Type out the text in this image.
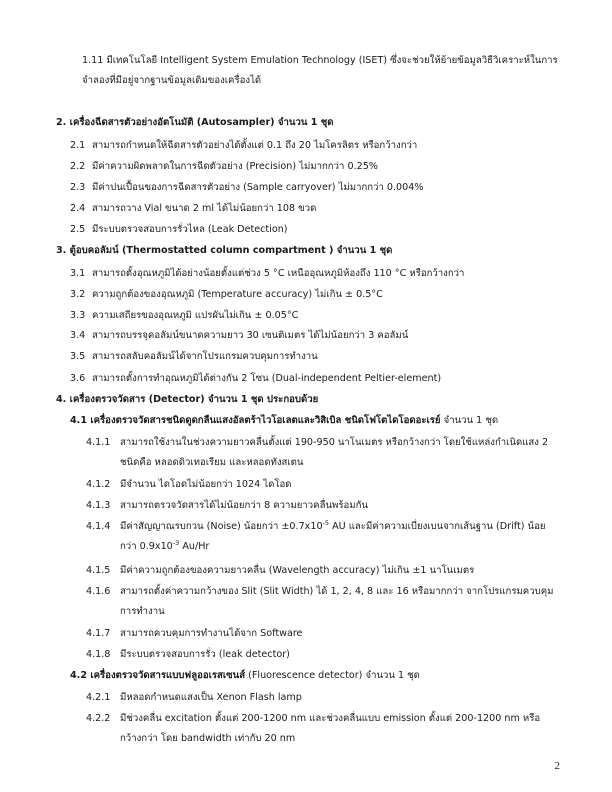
1.11 มีเทคโนโลยี Intelligent System Emulation Technology (ISET) ซึ่งจะช่วยให้ย้ายข้อมูลวิธีวิเคราะห์ในการ
จำลองที่มีอยู่จากฐานข้อมูลเดิมของเครื่องได้
2. เครื่องฉีดสารตัวอย่างอัตโนมัติ (Autosampler) จำนวน 1 ชุด
2.1 สามารถกำหนดให้ฉีดสารตัวอย่างได้ตั้งแต่ 0.1 ถึง 20 ไมโครลิตร หรือกว้างกว่า
2.2 มีค่าความผิดพลาดในการฉีดตัวอย่าง (Precision) ไม่มากกว่า 0.25%
2.3 มีค่าปนเปื้อนของการฉีดสารตัวอย่าง (Sample carryover) ไม่มากกว่า 0.004%
2.4 สามารถวาง Vial ขนาด 2 ml ได้ไม่น้อยกว่า 108 ขวด
2.5 มีระบบตรวจสอบการรั่วไหล (Leak Detection)
3. ตู้อบคอลัมน์ (Thermostatted column compartment ) จำนวน 1 ชุด
3.1 สามารถตั้งอุณหภูมิได้อย่างน้อยตั้งแต่ช่วง 5 °C เหนืออุณหภูมิห้องถึง 110 °C หรือกว้างกว่า
3.2 ความถูกต้องของอุณหภูมิ (Temperature accuracy) ไม่เกิน ± 0.5°C
3.3 ความเสถียรของอุณหภูมิ แปรผันไม่เกิน ± 0.05°C
3.4 สามารถบรรจุคอลัมน์ขนาดความยาว 30 เซนติเมตร ได้ไม่น้อยกว่า 3 คอลัมน์
3.5 สามารถสลับคอลัมน์ได้จากโปรแกรมควบคุมการทำงาน
3.6 สามารถตั้งการทำอุณหภูมิได้ต่างกัน 2 โซน (Dual-independent Peltier-element)
4. เครื่องตรวจวัดสาร (Detector) จำนวน 1 ชุด ประกอบด้วย
4.1 เครื่องตรวจวัดสารชนิดดูดกลืนแสงอัลตร้าไวโอเลตและวิสิเบิล ชนิดโฟโตไดโอดอะเรย์ จำนวน 1 ชุด
4.1.1 สามารถใช้งานในช่วงความยาวคลื่นตั้งแต่ 190-950 นาโนเมตร หรือกว้างกว่า โดยใช้แหล่งกำเนิดแสง 2
ชนิดคือ หลอดดิวเทอเรียม และหลอดทังสเตน
4.1.2 มีจำนวน ไดโอดไม่น้อยกว่า 1024 ไดโอด
4.1.3 สามารถตรวจวัดสารได้ไม่น้อยกว่า 8 ความยาวคลื่นพร้อมกัน
4.1.4 มีค่าสัญญาณรบกวน (Noise) น้อยกว่า $\pm 0.7x10^{-5}$ AU และมีค่าความเบี่ยงเบนจากเส้นฐาน (Drift) น้อย
กว่า $0.9x10^{-3}$ Au/Hr
4.1.5 มีค่าความถูกต้องของความยาวคลื่น (Wavelength accuracy) ไม่เกิน ±1 นาโนเมตร
4.1.6 สามารถตั้งค่าความกว้างของ Slit (Slit Width) ได้ 1, 2, 4, 8 และ 16 หรือมากกว่า จากโปรแกรมควบคุม
การทำงาน
4.1.7 สามารถควบคุมการทำงานได้จาก Software
4.1.8 มีระบบตรวจสอบการรั่ว (leak detector)
4.2 เครื่องตรวจวัดสารแบบฟลูออเรสเซนส์ (Fluorescence detector) จำนวน 1 ชุด
4.2.1 มีหลอดกำหนดแสงเป็น Xenon Flash lamp
4.2.2 มีช่วงคลื่น excitation ตั้งแต่ 200-1200 nm และช่วงคลื่นแบบ emission ตั้งแต่ 200-1200 nm หรือ
กว้างกว่า โดย bandwidth เท่ากับ 20 nm
2
